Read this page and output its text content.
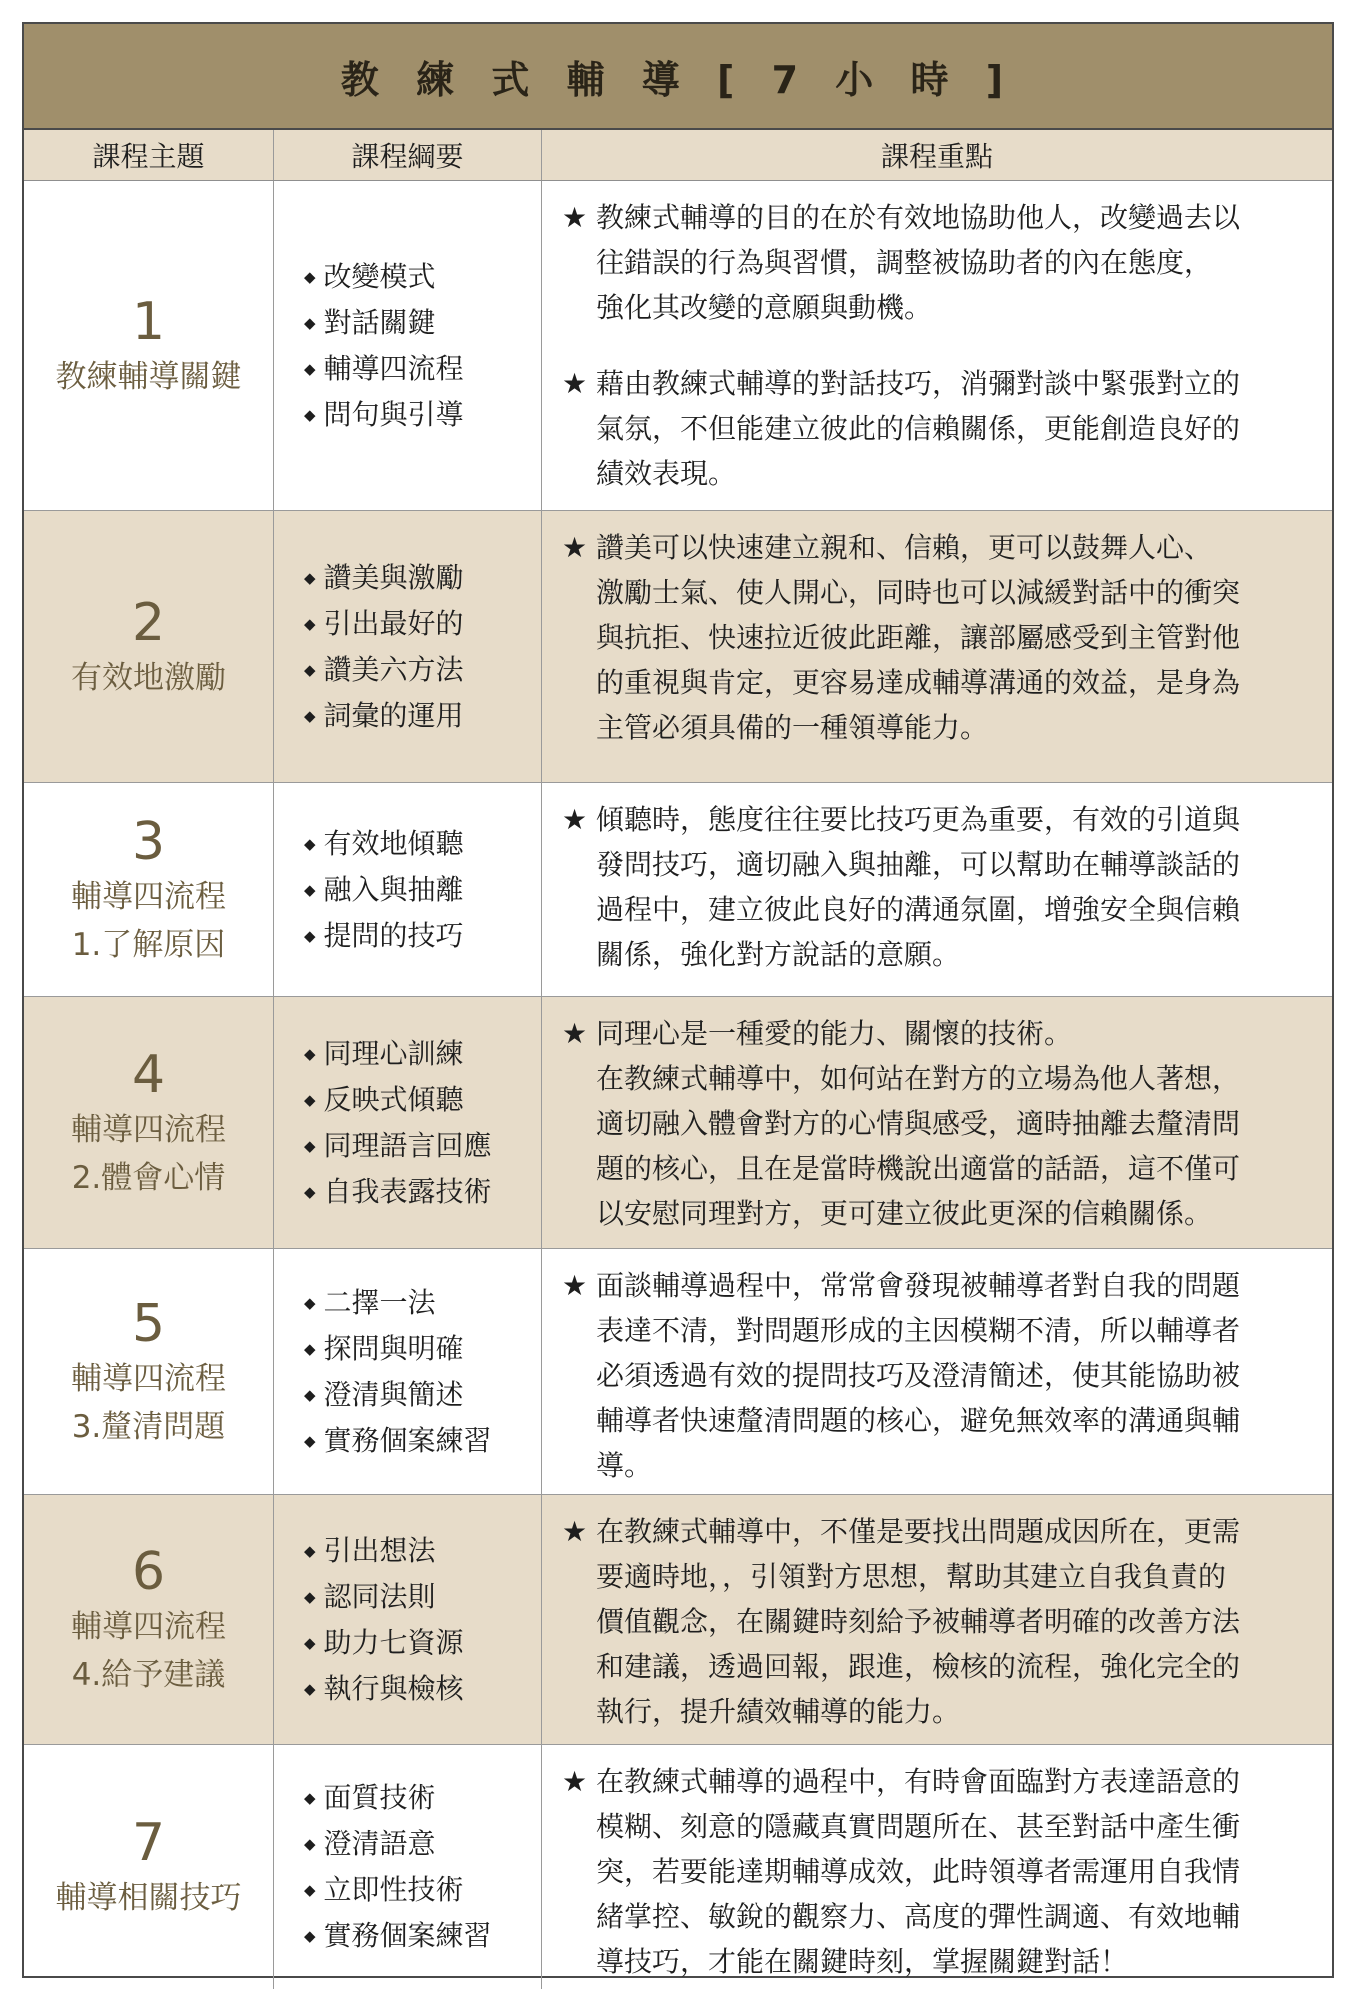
教 練 式 輔 導 [ 7 小 時 ]
課程主題	課程綱要	課程重點
1
教練輔導關鍵
◆ 改變模式
◆ 對話關鍵
◆ 輔導四流程
◆ 問句與引導
★ 教練式輔導的目的在於有效地協助他人，改變過去以
往錯誤的行為與習慣，調整被協助者的內在態度，
強化其改變的意願與動機。
★ 藉由教練式輔導的對話技巧，消彌對談中緊張對立的
氣氛，不但能建立彼此的信賴關係，更能創造良好的
績效表現。
2
有效地激勵
◆ 讚美與激勵
◆ 引出最好的
◆ 讚美六方法
◆ 詞彙的運用
★ 讚美可以快速建立親和、信賴，更可以鼓舞人心、
激勵士氣、使人開心，同時也可以減緩對話中的衝突
與抗拒、快速拉近彼此距離，讓部屬感受到主管對他
的重視與肯定，更容易達成輔導溝通的效益，是身為
主管必須具備的一種領導能力。
3
輔導四流程
1.了解原因
◆ 有效地傾聽
◆ 融入與抽離
◆ 提問的技巧
★ 傾聽時，態度往往要比技巧更為重要，有效的引道與
發問技巧，適切融入與抽離，可以幫助在輔導談話的
過程中，建立彼此良好的溝通氛圍，增強安全與信賴
關係，強化對方說話的意願。
4
輔導四流程
2.體會心情
◆ 同理心訓練
◆ 反映式傾聽
◆ 同理語言回應
◆ 自我表露技術
★ 同理心是一種愛的能力、關懷的技術。
在教練式輔導中，如何站在對方的立場為他人著想，
適切融入體會對方的心情與感受，適時抽離去釐清問
題的核心，且在是當時機說出適當的話語，這不僅可
以安慰同理對方，更可建立彼此更深的信賴關係。
5
輔導四流程
3.釐清問題
◆ 二擇一法
◆ 探問與明確
◆ 澄清與簡述
◆ 實務個案練習
★ 面談輔導過程中，常常會發現被輔導者對自我的問題
表達不清，對問題形成的主因模糊不清，所以輔導者
必須透過有效的提問技巧及澄清簡述，使其能協助被
輔導者快速釐清問題的核心，避免無效率的溝通與輔
導。
6
輔導四流程
4.給予建議
◆ 引出想法
◆ 認同法則
◆ 助力七資源
◆ 執行與檢核
★ 在教練式輔導中，不僅是要找出問題成因所在，更需
要適時地，，引領對方思想，幫助其建立自我負責的
價值觀念，在關鍵時刻給予被輔導者明確的改善方法
和建議，透過回報，跟進，檢核的流程，強化完全的
執行，提升績效輔導的能力。
7
輔導相關技巧
◆ 面質技術
◆ 澄清語意
◆ 立即性技術
◆ 實務個案練習
★ 在教練式輔導的過程中，有時會面臨對方表達語意的
模糊、刻意的隱藏真實問題所在、甚至對話中產生衝
突，若要能達期輔導成效，此時領導者需運用自我情
緒掌控、敏銳的觀察力、高度的彈性調適、有效地輔
導技巧，才能在關鍵時刻，掌握關鍵對話！
